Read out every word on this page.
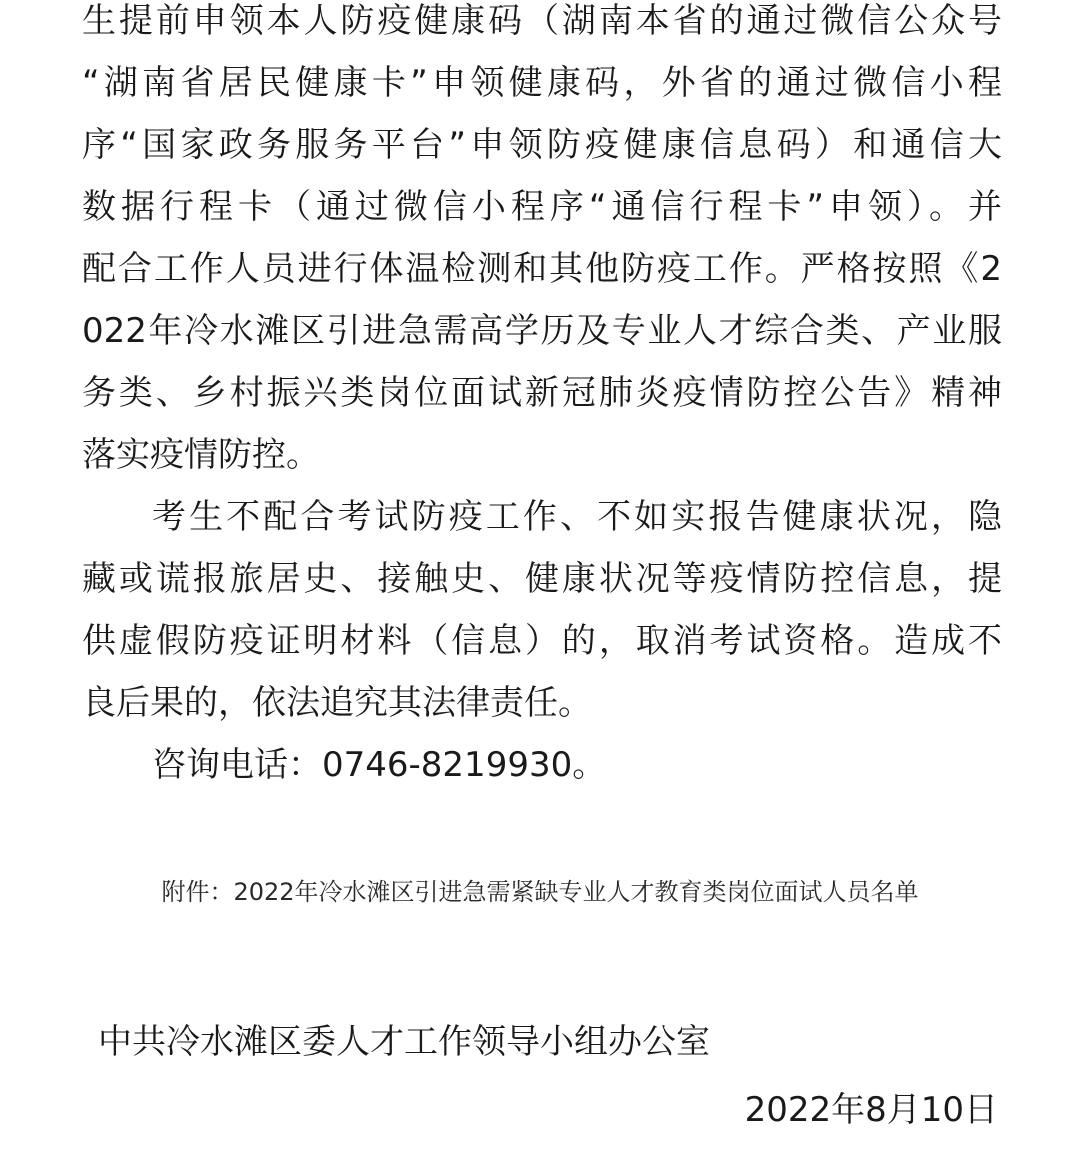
生提前申领本人防疫健康码（湖南本省的通过微信公众号
“湖南省居民健康卡”申领健康码，外省的通过微信小程
序“国家政务服务平台”申领防疫健康信息码）和通信大
数据行程卡（通过微信小程序“通信行程卡”申领）。并
配合工作人员进行体温检测和其他防疫工作。严格按照《2
022年冷水滩区引进急需高学历及专业人才综合类、产业服
务类、乡村振兴类岗位面试新冠肺炎疫情防控公告》精神
落实疫情防控。
考生不配合考试防疫工作、不如实报告健康状况，隐
藏或谎报旅居史、接触史、健康状况等疫情防控信息，提
供虚假防疫证明材料（信息）的，取消考试资格。造成不
良后果的，依法追究其法律责任。
咨询电话：0746-8219930。
附件：2022年冷水滩区引进急需紧缺专业人才教育类岗位面试人员名单
中共冷水滩区委人才工作领导小组办公室
2022年8月10日
